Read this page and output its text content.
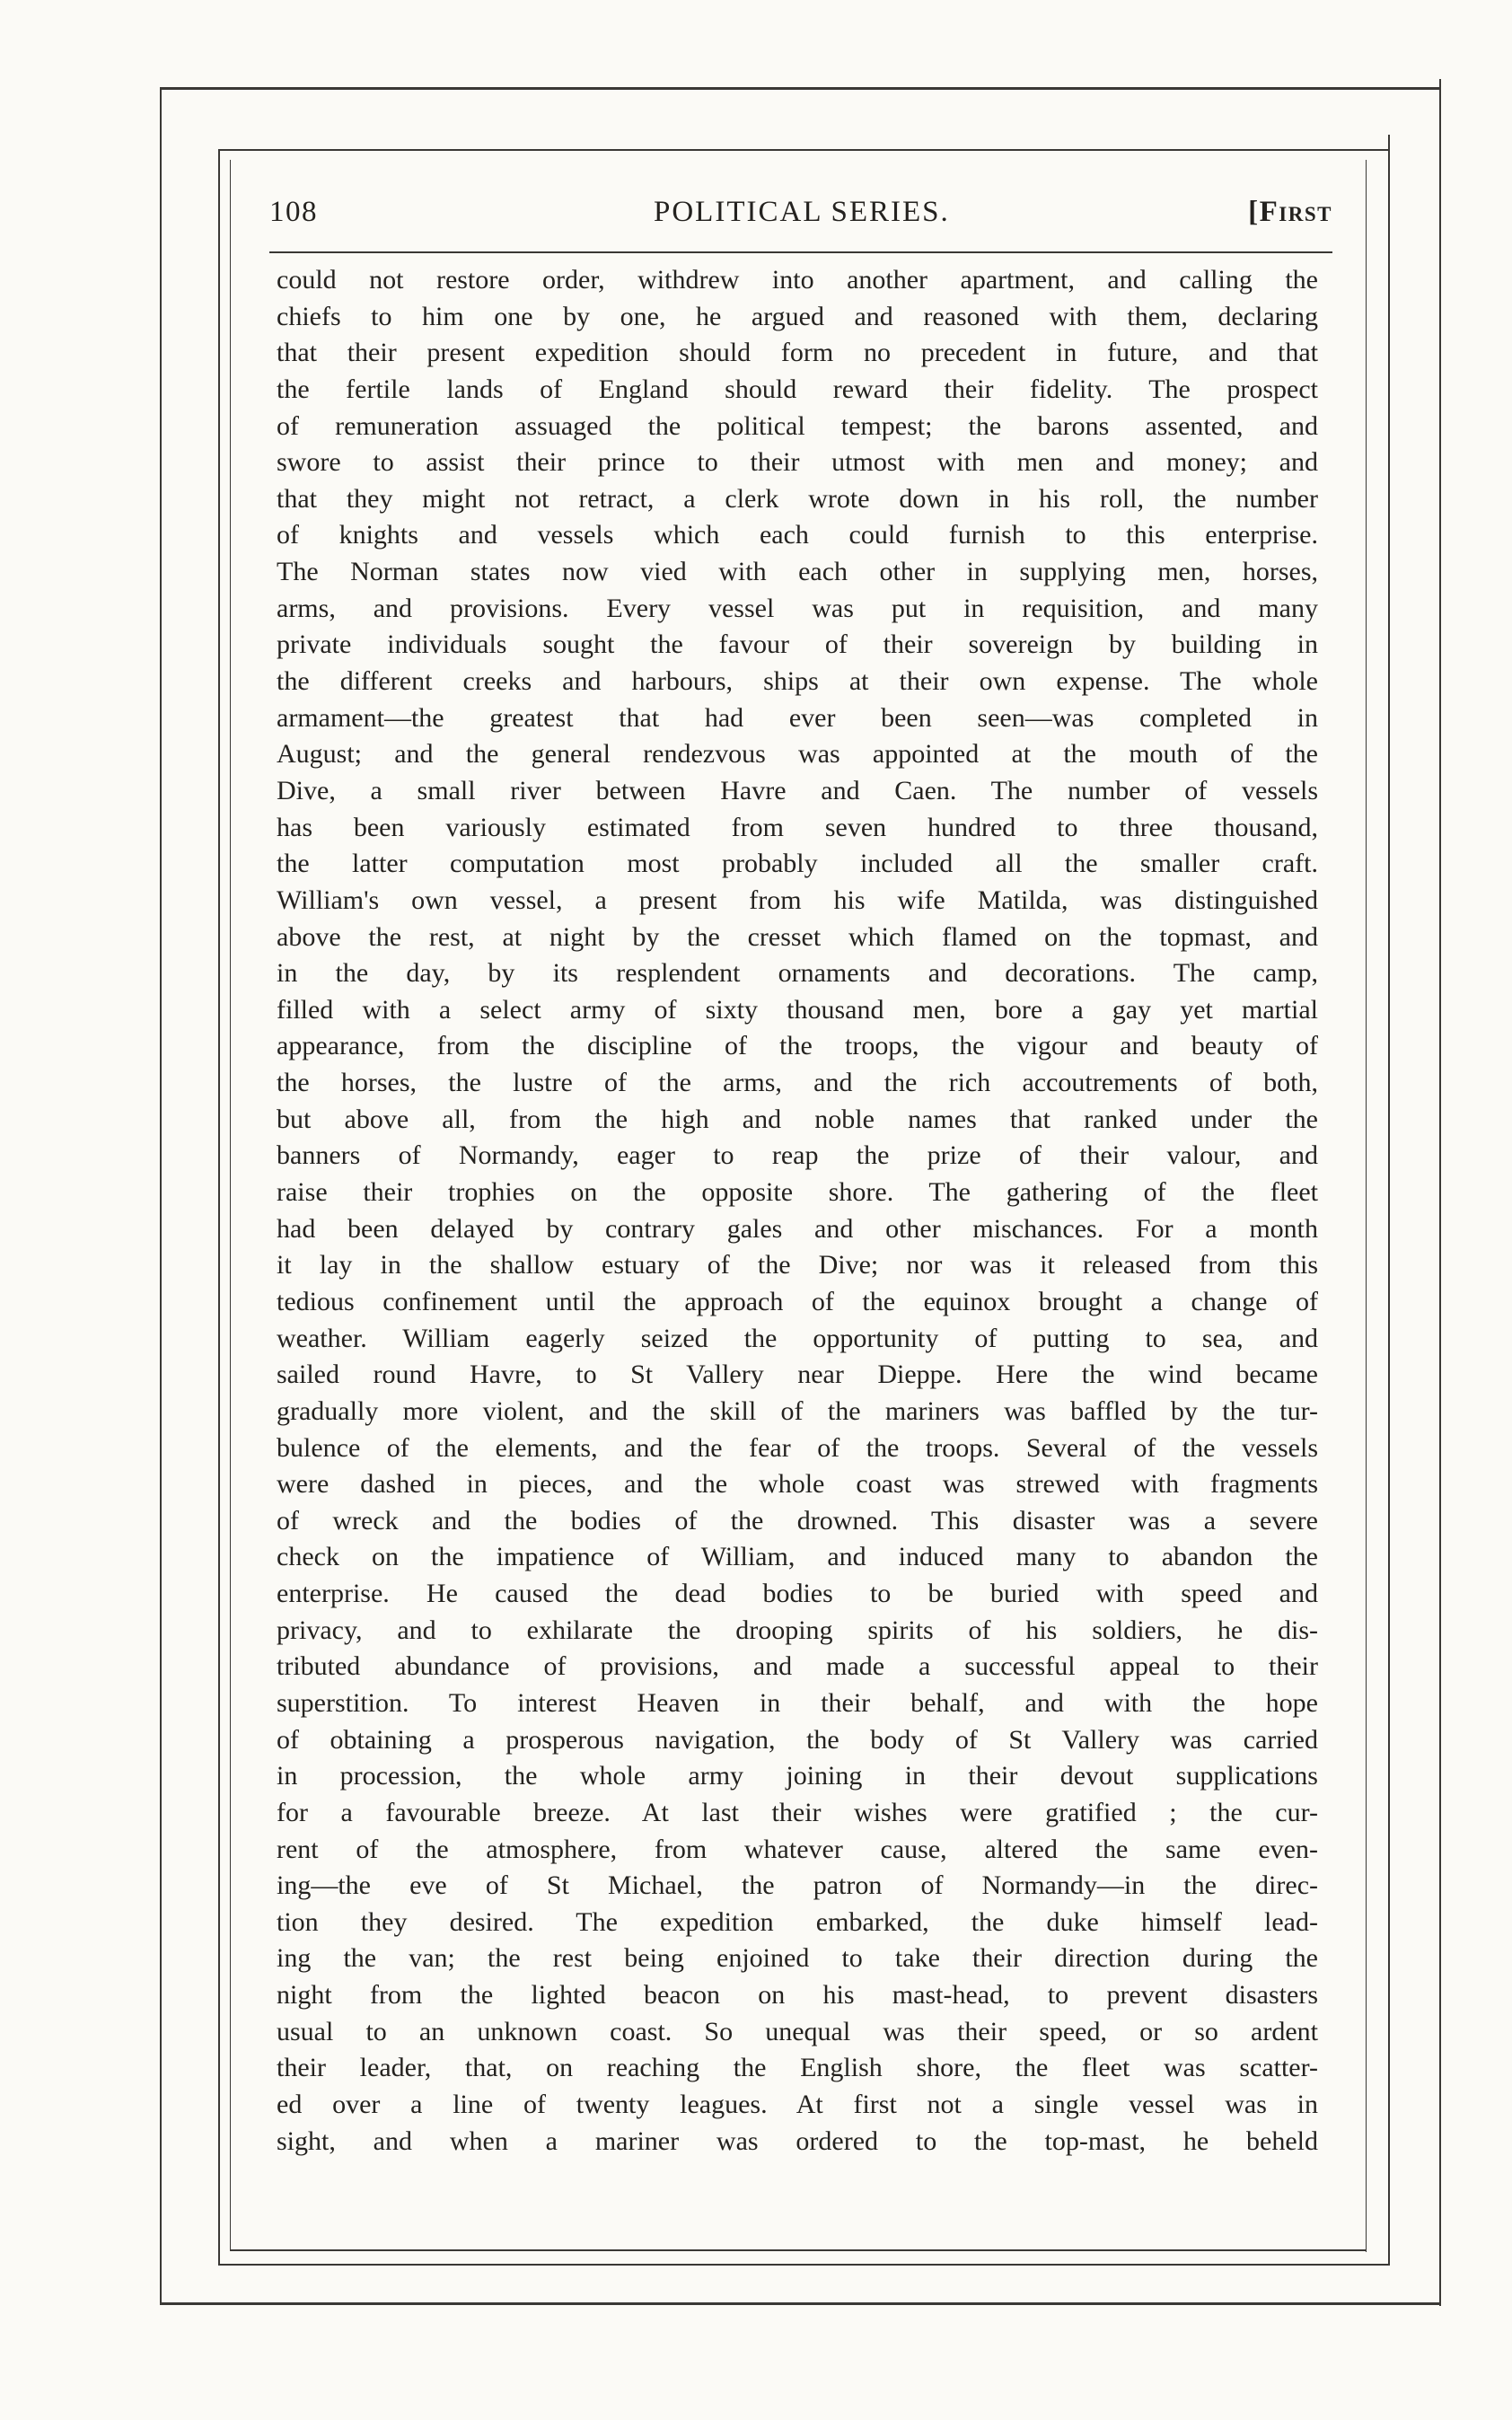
108	POLITICAL SERIES.	[First
could not restore order, withdrew into another apartment, and calling the
chiefs to him one by one, he argued and reasoned with them, declaring
that their present expedition should form no precedent in future, and that
the fertile lands of England should reward their fidelity. The prospect
of remuneration assuaged the political tempest; the barons assented, and
swore to assist their prince to their utmost with men and money; and
that they might not retract, a clerk wrote down in his roll, the number
of knights and vessels which each could furnish to this enterprise.
The Norman states now vied with each other in supplying men, horses,
arms, and provisions. Every vessel was put in requisition, and many
private individuals sought the favour of their sovereign by building in
the different creeks and harbours, ships at their own expense. The whole
armament—the greatest that had ever been seen—was completed in
August; and the general rendezvous was appointed at the mouth of the
Dive, a small river between Havre and Caen. The number of vessels
has been variously estimated from seven hundred to three thousand,
the latter computation most probably included all the smaller craft.
William's own vessel, a present from his wife Matilda, was distinguished
above the rest, at night by the cresset which flamed on the topmast, and
in the day, by its resplendent ornaments and decorations. The camp,
filled with a select army of sixty thousand men, bore a gay yet martial
appearance, from the discipline of the troops, the vigour and beauty of
the horses, the lustre of the arms, and the rich accoutrements of both,
but above all, from the high and noble names that ranked under the
banners of Normandy, eager to reap the prize of their valour, and
raise their trophies on the opposite shore. The gathering of the fleet
had been delayed by contrary gales and other mischances. For a month
it lay in the shallow estuary of the Dive; nor was it released from this
tedious confinement until the approach of the equinox brought a change of
weather. William eagerly seized the opportunity of putting to sea, and
sailed round Havre, to St Vallery near Dieppe. Here the wind became
gradually more violent, and the skill of the mariners was baffled by the tur-
bulence of the elements, and the fear of the troops. Several of the vessels
were dashed in pieces, and the whole coast was strewed with fragments
of wreck and the bodies of the drowned. This disaster was a severe
check on the impatience of William, and induced many to abandon the
enterprise. He caused the dead bodies to be buried with speed and
privacy, and to exhilarate the drooping spirits of his soldiers, he dis-
tributed abundance of provisions, and made a successful appeal to their
superstition. To interest Heaven in their behalf, and with the hope
of obtaining a prosperous navigation, the body of St Vallery was carried
in procession, the whole army joining in their devout supplications
for a favourable breeze. At last their wishes were gratified ; the cur-
rent of the atmosphere, from whatever cause, altered the same even-
ing—the eve of St Michael, the patron of Normandy—in the direc-
tion they desired. The expedition embarked, the duke himself lead-
ing the van; the rest being enjoined to take their direction during the
night from the lighted beacon on his mast-head, to prevent disasters
usual to an unknown coast. So unequal was their speed, or so ardent
their leader, that, on reaching the English shore, the fleet was scatter-
ed over a line of twenty leagues. At first not a single vessel was in
sight, and when a mariner was ordered to the top-mast, he beheld
